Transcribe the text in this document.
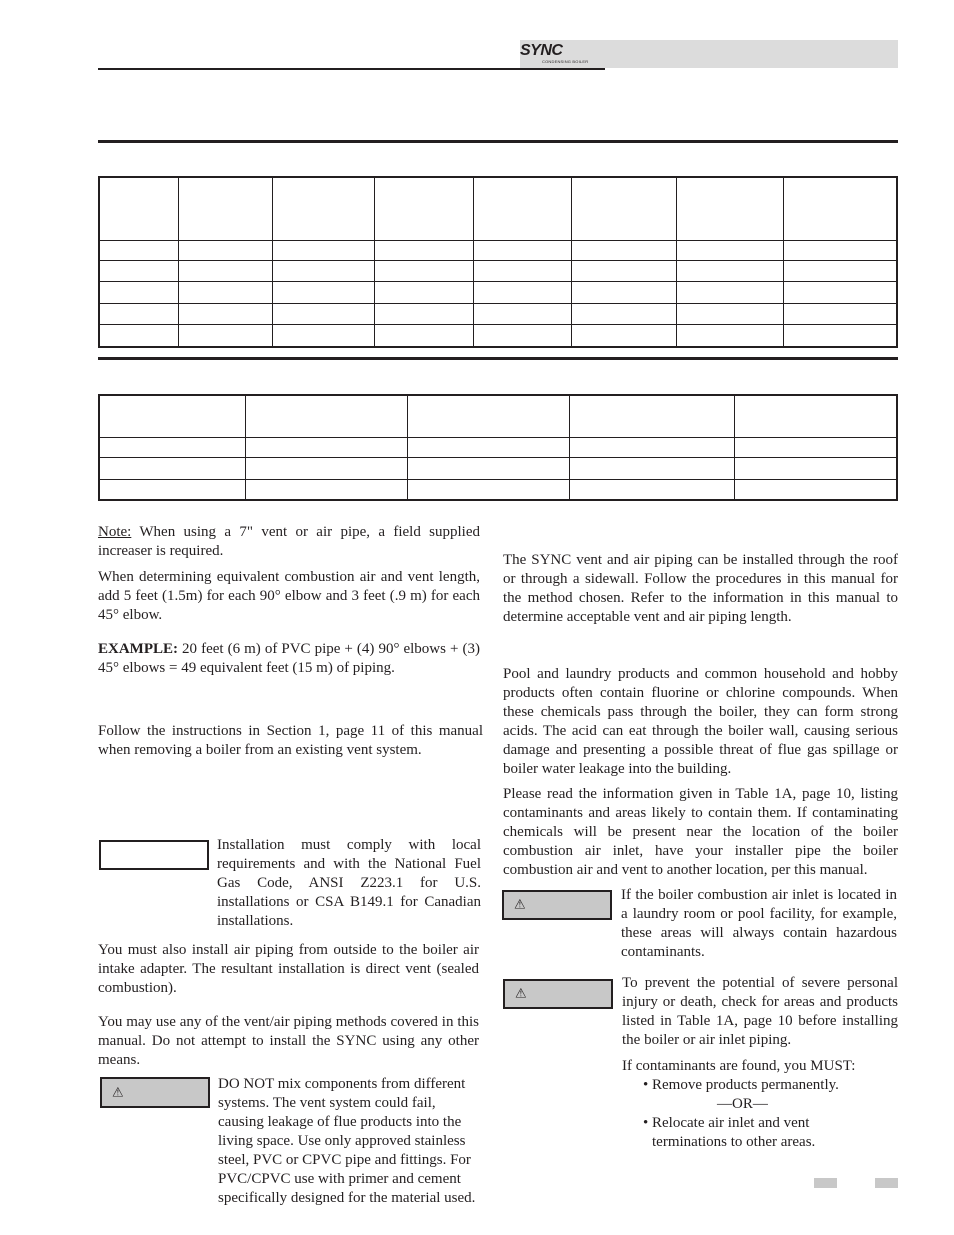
SYNC
CONDENSING BOILER

Note: When using a 7" vent or air pipe, a field supplied increaser is required.
When determining equivalent combustion air and vent length, add 5 feet (1.5m) for each 90° elbow and 3 feet (.9 m) for each 45° elbow.
EXAMPLE: 20 feet (6 m) of PVC pipe + (4) 90° elbows + (3) 45° elbows = 49 equivalent feet (15 m) of piping.
Follow the instructions in Section 1, page 11 of this manual when removing a boiler from an existing vent system.
Installation must comply with local requirements and with the National Fuel Gas Code, ANSI Z223.1 for U.S. installations or CSA B149.1 for Canadian installations.
You must also install air piping from outside to the boiler air intake adapter. The resultant installation is direct vent (sealed combustion).
You may use any of the vent/air piping methods covered in this manual. Do not attempt to install the SYNC using any other means.
⚠
DO NOT mix components from different systems. The vent system could fail, causing leakage of flue products into the living space. Use only approved stainless steel, PVC or CPVC pipe and fittings. For PVC/CPVC use with primer and cement specifically designed for the material used.
The SYNC vent and air piping can be installed through the roof or through a sidewall. Follow the procedures in this manual for the method chosen. Refer to the information in this manual to determine acceptable vent and air piping length.
Pool and laundry products and common household and hobby products often contain fluorine or chlorine compounds. When these chemicals pass through the boiler, they can form strong acids. The acid can eat through the boiler wall, causing serious damage and presenting a possible threat of flue gas spillage or boiler water leakage into the building.
Please read the information given in Table 1A, page 10, listing contaminants and areas likely to contain them. If contaminating chemicals will be present near the location of the boiler combustion air inlet, have your installer pipe the boiler combustion air and vent to another location, per this manual.
⚠
If the boiler combustion air inlet is located in a laundry room or pool facility, for example, these areas will always contain hazardous contaminants.
⚠
To prevent the potential of severe personal injury or death, check for areas and products listed in Table 1A, page 10 before installing the boiler or air inlet piping.
If contaminants are found, you MUST:
• Remove products permanently.
—OR—
• Relocate air inlet and vent
terminations to other areas.
